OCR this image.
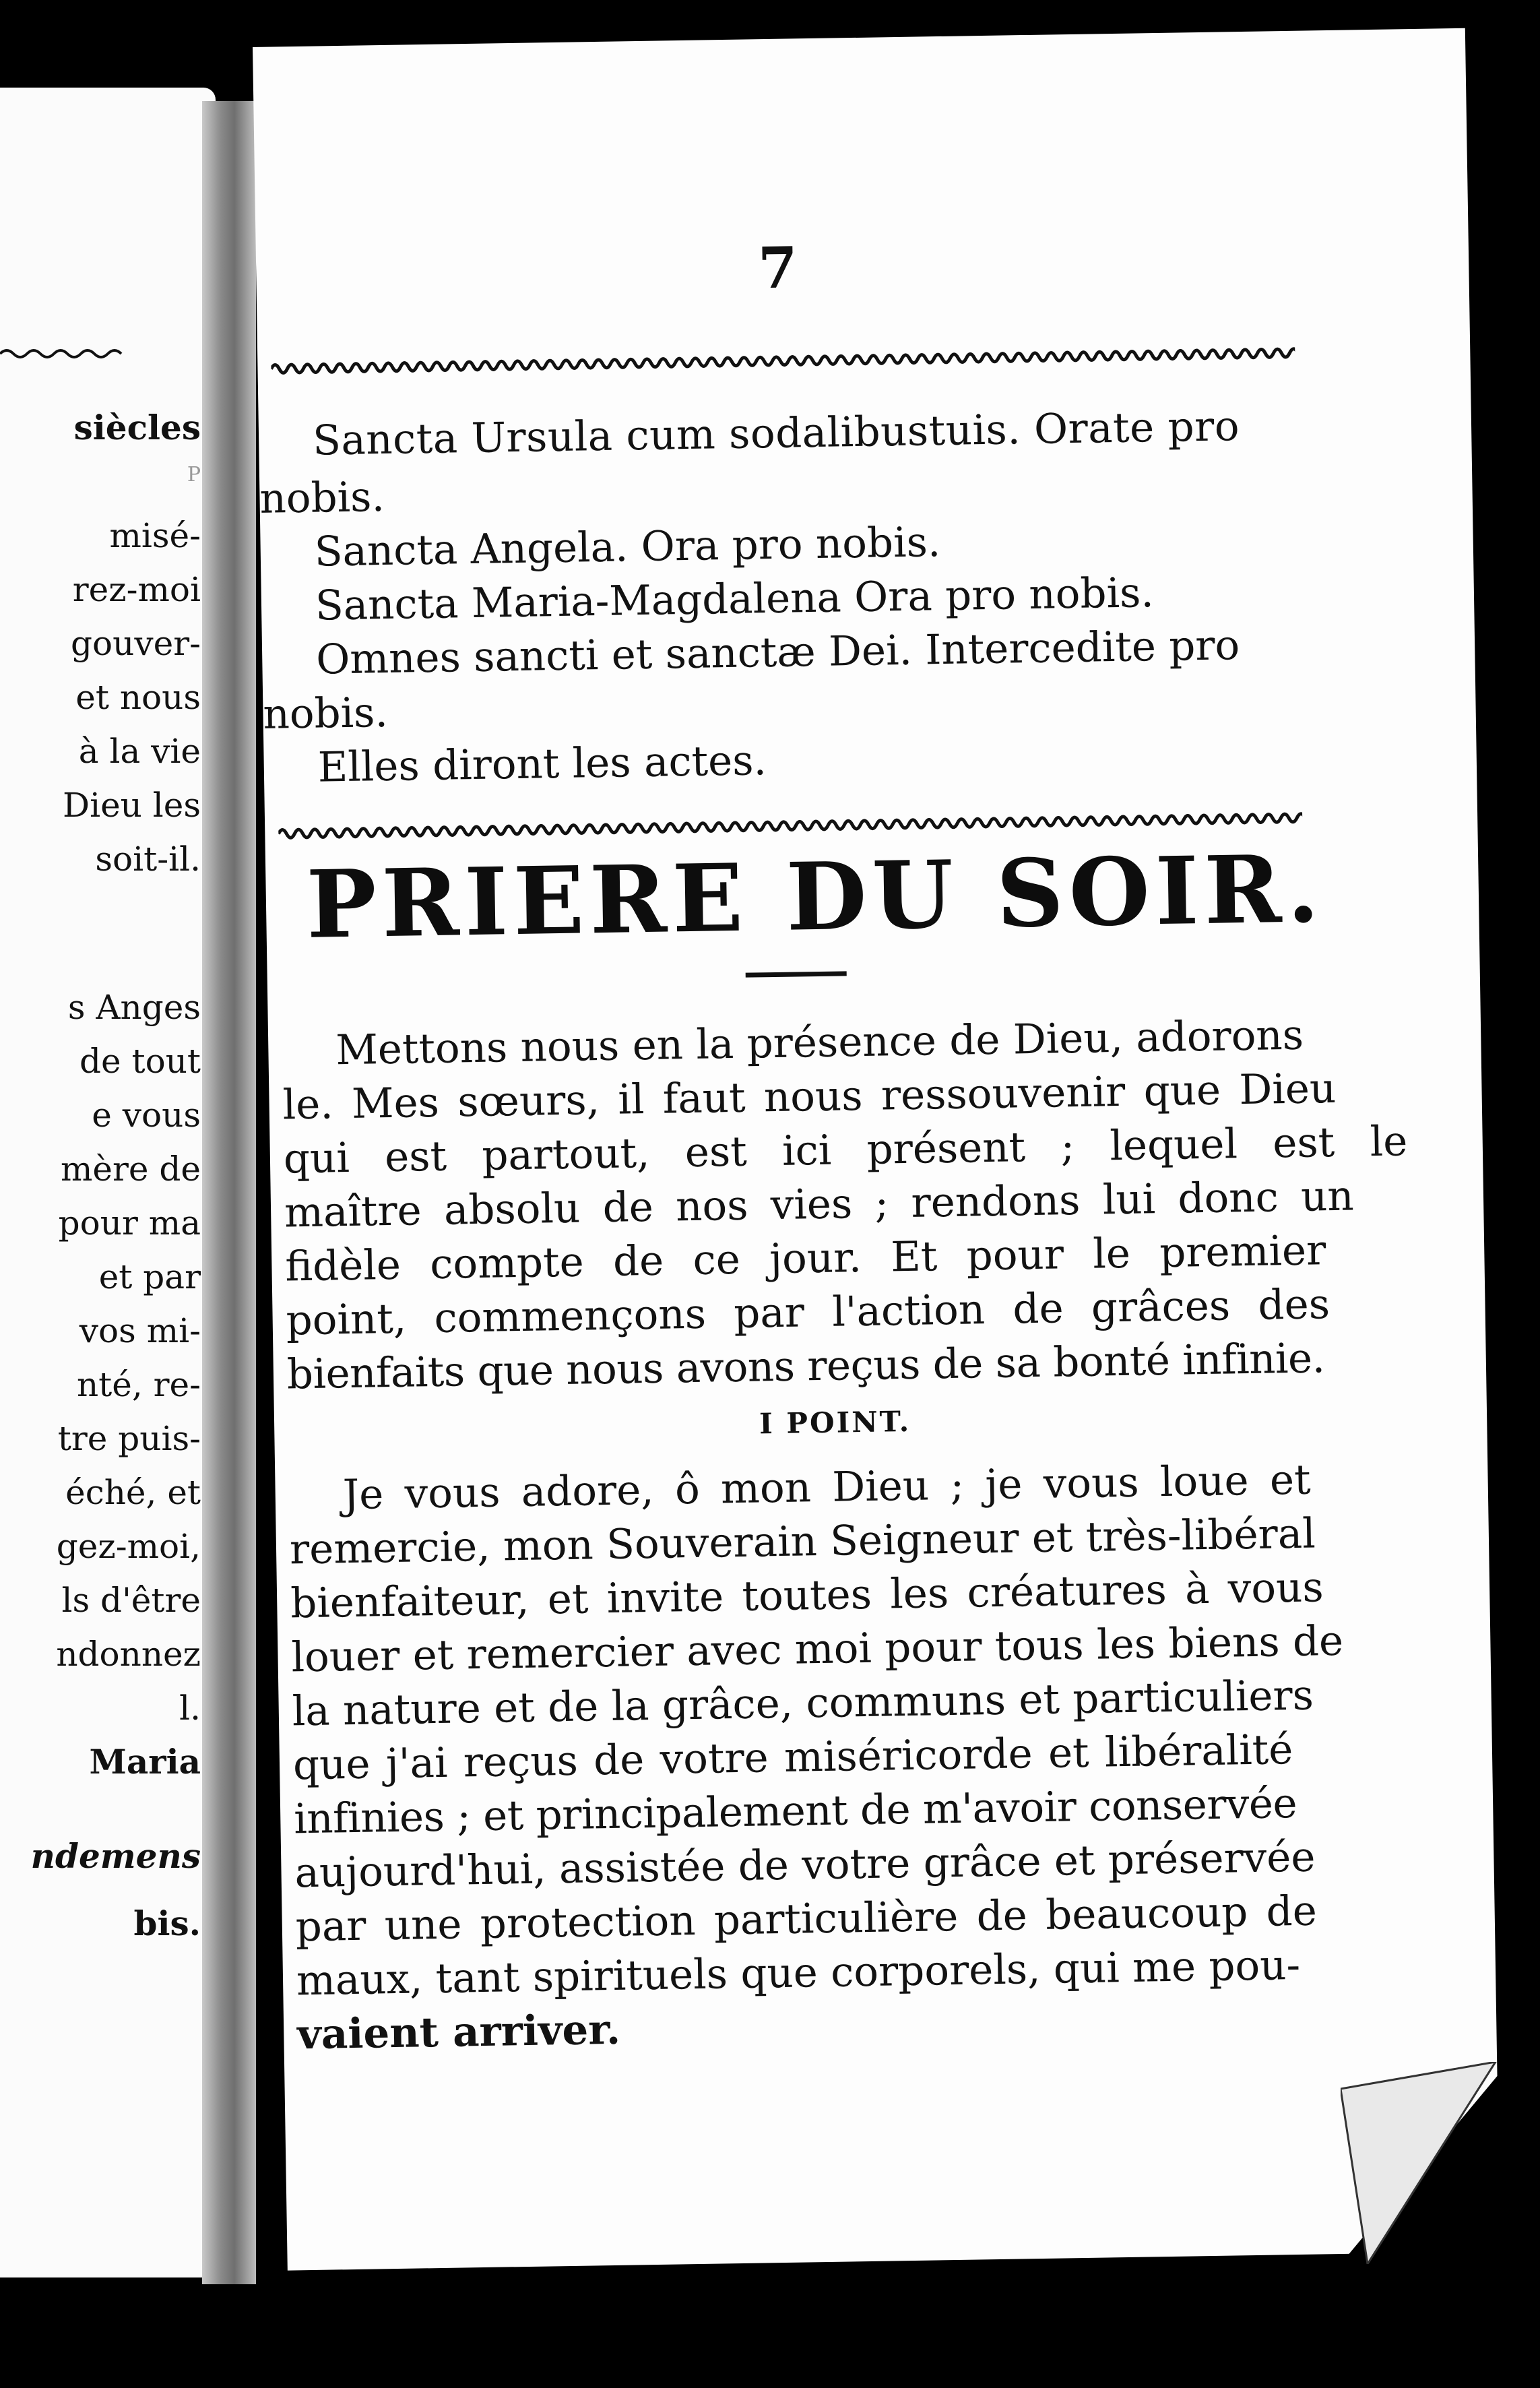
siècles
P
misé-
rez-moi
gouver-
et nous
à la vie
Dieu les
soit-il.
s Anges
de tout
e vous
mère de
pour ma
et par
vos mi-
nté, re-
tre puis-
éché, et
gez-moi,
ls d'être
ndonnez
l.
Maria
ndemens
bis.
7
Sancta Ursula cum sodalibustuis. Orate pro
nobis.
Sancta Angela. Ora pro nobis.
Sancta Maria-Magdalena Ora pro nobis.
Omnes sancti et sanctæ Dei. Intercedite pro
nobis.
Elles diront les actes.
PRIERE DU SOIR.
Mettons nous en la présence de Dieu, adorons
le. Mes sœurs, il faut nous ressouvenir que Dieu
qui est partout, est ici présent ; lequel est le
maître absolu de nos vies ; rendons lui donc un
fidèle compte de ce jour. Et pour le premier
point, commençons par l'action de grâces des
bienfaits que nous avons reçus de sa bonté infinie.
I POINT.
Je vous adore, ô mon Dieu ; je vous loue et
remercie, mon Souverain Seigneur et très-libéral
bienfaiteur, et invite toutes les créatures à vous
louer et remercier avec moi pour tous les biens de
la nature et de la grâce, communs et particuliers
que j'ai reçus de votre miséricorde et libéralité
infinies ; et principalement de m'avoir conservée
aujourd'hui, assistée de votre grâce et préservée
par une protection particulière de beaucoup de
maux, tant spirituels que corporels, qui me pou-
vaient arriver.
